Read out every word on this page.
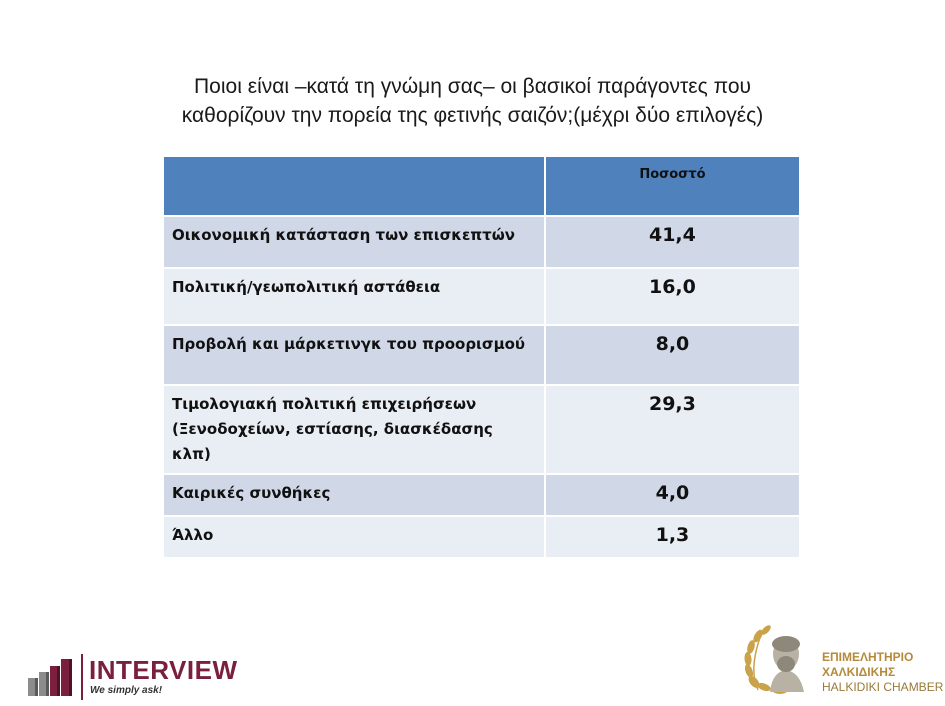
Ποιοι είναι –κατά τη γνώμη σας– οι βασικοί παράγοντες που
καθορίζουν την πορεία της φετινής σαιζόν;(μέχρι δύο επιλογές)
	Ποσοστό
Οικονομική κατάσταση των επισκεπτών	41,4
Πολιτική/γεωπολιτική αστάθεια	16,0
Προβολή και μάρκετινγκ του προορισμού	8,0
Τιμολογιακή πολιτική επιχειρήσεων (Ξενοδοχείων, εστίασης, διασκέδασης κλπ)	29,3
Καιρικές συνθήκες	4,0
Άλλο	1,3
INTERVIEW
We simply ask!
ΕΠΙΜΕΛΗΤΗΡΙΟ
ΧΑΛΚΙΔΙΚΗΣ
HALKIDIKI CHAMBER
